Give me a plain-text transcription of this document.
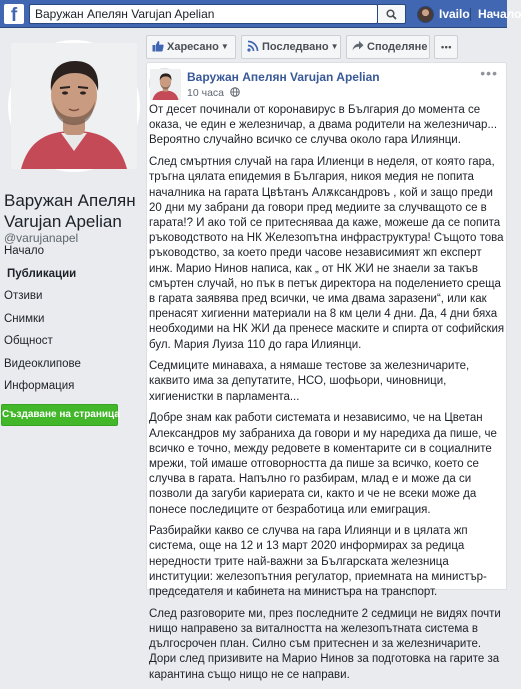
f	Варужан Апелян Varujan Apelian	Ivailo Начало
Варужан Апелян Varujan Apelian
@varujanapel
Начало
Публикации
Отзиви
Снимки
Общност
Видеоклипове
Информация
Създаване на страница
Харесано ▼	Последвано ▼	Споделяне	•••
Варужан Апелян Varujan Apelian
10 часа
•••

От десет починали от коронавирус в България до момента се оказа, че един е железничар, а двама родители на железничар... Вероятно случайно всичко се случва около гара Илиянци.

След смъртния случай на гара Илиенци в неделя, от която гара, тръгна цялата епидемия в България, никоя медия не попита началника на гарата Цвѣтанъ Алѫксандровъ , кой и защо преди 20 дни му забрани да говори пред медиите за случващото се в гарата!? И ако той се притесняваа да каже, можеше да се попита ръководството на НК Железопътна инфраструктура! Същото това ръководство, за което преди часове независимият жп експерт инж. Марио Нинов написа, как „ от НК ЖИ не знаели за такъв смъртен случай, но пък в петък директора на поделението среща в гарата заявява пред всички, че има двама заразени“, или как пренасят хигиенни материали на 8 км цели 4 дни. Да, 4 дни бяха необходими на НК ЖИ да пренесе маските и спирта от софийския бул. Мария Луиза 110 до гара Илиянци.

Седмиците минаваха, а нямаше тестове за железничарите, каквито има за депутатите, НСО, шофьори, чиновници, хигиенистки в парламента...

Добре знам как работи системата и независимо, че на Цветан Александров му забраниха да говори и му наредиха да пише, че всичко е точно, между редовете в коментарите си в социалните мрежи, той имаше отговорността да пише за всичко, което се случва в гарата. Напълно го разбирам, млад е и може да си позволи да загуби кариерата си, както и че не всеки може да понесе последиците от безработица или емиграция.

Разбирайки какво се случва на гара Илиянци и в цялата жп система, още на 12 и 13 март 2020 информирах за редица нередности трите най-важни за Българската железница институции: железопътния регулатор, приемната на министър-председателя и кабинета на министъра на транспорт.

След разговорите ми, през последните 2 седмици не видях почти нищо направено за виталността на железопътната система в дългосрочен план. Силно съм притеснен и за железничарите. Дори след призивите на Марио Нинов за подготовка на гарите за карантина също нищо не се направи.
